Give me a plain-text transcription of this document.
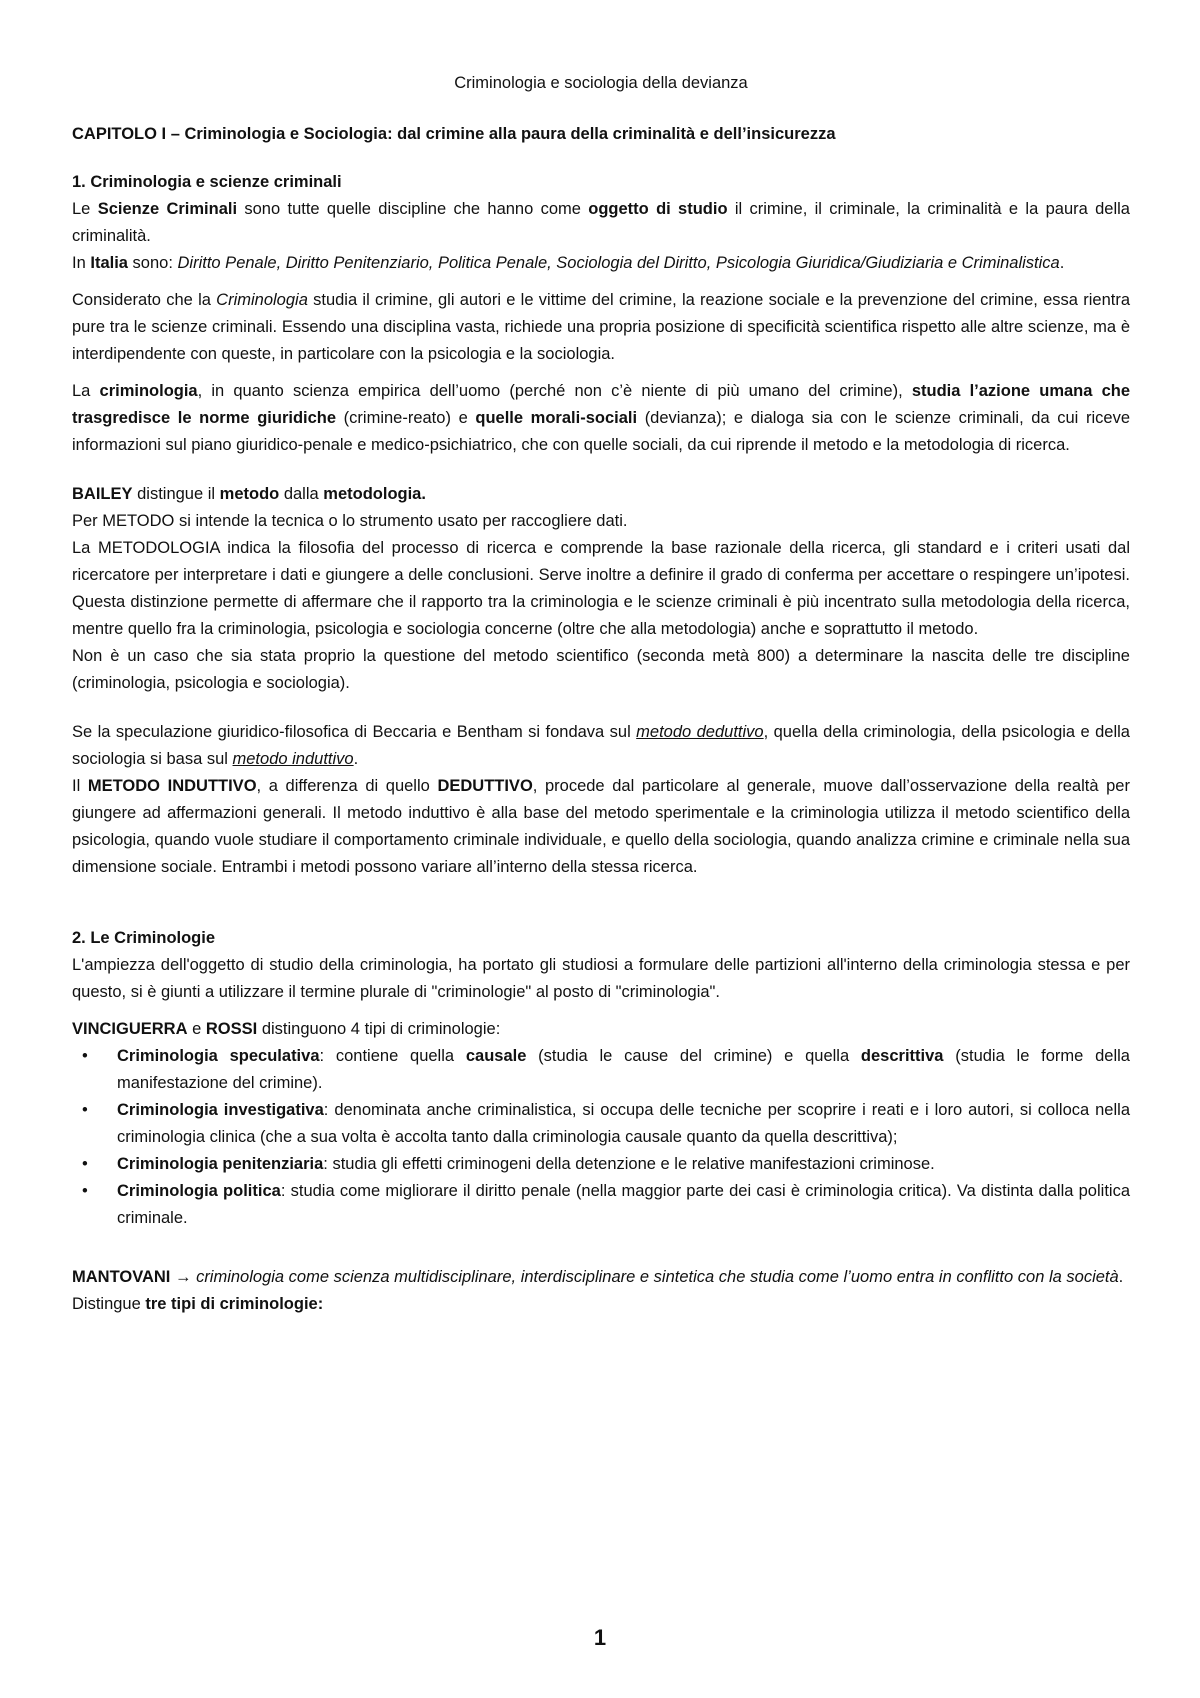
Criminologia e sociologia della devianza

CAPITOLO I – Criminologia e Sociologia: dal crimine alla paura della criminalità e dell’insicurezza

1. Criminologia e scienze criminali

Le Scienze Criminali sono tutte quelle discipline che hanno come oggetto di studio il crimine, il criminale, la criminalità e la paura della criminalità.

In Italia sono: Diritto Penale, Diritto Penitenziario, Politica Penale, Sociologia del Diritto, Psicologia Giuridica/Giudiziaria e Criminalistica.

Considerato che la Criminologia studia il crimine, gli autori e le vittime del crimine, la reazione sociale e la prevenzione del crimine, essa rientra pure tra le scienze criminali. Essendo una disciplina vasta, richiede una propria posizione di specificità scientifica rispetto alle altre scienze, ma è interdipendente con queste, in particolare con la psicologia e la sociologia.

La criminologia, in quanto scienza empirica dell’uomo (perché non c’è niente di più umano del crimine), studia l’azione umana che trasgredisce le norme giuridiche (crimine-reato) e quelle morali-sociali (devianza); e dialoga sia con le scienze criminali, da cui riceve informazioni sul piano giuridico-penale e medico-psichiatrico, che con quelle sociali, da cui riprende il metodo e la metodologia di ricerca.

BAILEY distingue il metodo dalla metodologia.

Per METODO si intende la tecnica o lo strumento usato per raccogliere dati.

La METODOLOGIA indica la filosofia del processo di ricerca e comprende la base razionale della ricerca, gli standard e i criteri usati dal ricercatore per interpretare i dati e giungere a delle conclusioni. Serve inoltre a definire il grado di conferma per accettare o respingere un’ipotesi. Questa distinzione permette di affermare che il rapporto tra la criminologia e le scienze criminali è più incentrato sulla metodologia della ricerca, mentre quello fra la criminologia, psicologia e sociologia concerne (oltre che alla metodologia) anche e soprattutto il metodo.

Non è un caso che sia stata proprio la questione del metodo scientifico (seconda metà 800) a determinare la nascita delle tre discipline (criminologia, psicologia e sociologia).

Se la speculazione giuridico-filosofica di Beccaria e Bentham si fondava sul metodo deduttivo, quella della criminologia, della psicologia e della sociologia si basa sul metodo induttivo.

Il METODO INDUTTIVO, a differenza di quello DEDUTTIVO, procede dal particolare al generale, muove dall’osservazione della realtà per giungere ad affermazioni generali. Il metodo induttivo è alla base del metodo sperimentale e la criminologia utilizza il metodo scientifico della psicologia, quando vuole studiare il comportamento criminale individuale, e quello della sociologia, quando analizza crimine e criminale nella sua dimensione sociale. Entrambi i metodi possono variare all’interno della stessa ricerca.

2. Le Criminologie

L'ampiezza dell'oggetto di studio della criminologia, ha portato gli studiosi a formulare delle partizioni all'interno della criminologia stessa e per questo, si è giunti a utilizzare il termine plurale di "criminologie" al posto di "criminologia".

VINCIGUERRA e ROSSI distinguono 4 tipi di criminologie:

• Criminologia speculativa: contiene quella causale (studia le cause del crimine) e quella descrittiva (studia le forme della manifestazione del crimine).
• Criminologia investigativa: denominata anche criminalistica, si occupa delle tecniche per scoprire i reati e i loro autori, si colloca nella criminologia clinica (che a sua volta è accolta tanto dalla criminologia causale quanto da quella descrittiva);
• Criminologia penitenziaria: studia gli effetti criminogeni della detenzione e le relative manifestazioni criminose.
• Criminologia politica: studia come migliorare il diritto penale (nella maggior parte dei casi è criminologia critica). Va distinta dalla politica criminale.

MANTOVANI → criminologia come scienza multidisciplinare, interdisciplinare e sintetica che studia come l’uomo entra in conflitto con la società.

Distingue tre tipi di criminologie:

1
